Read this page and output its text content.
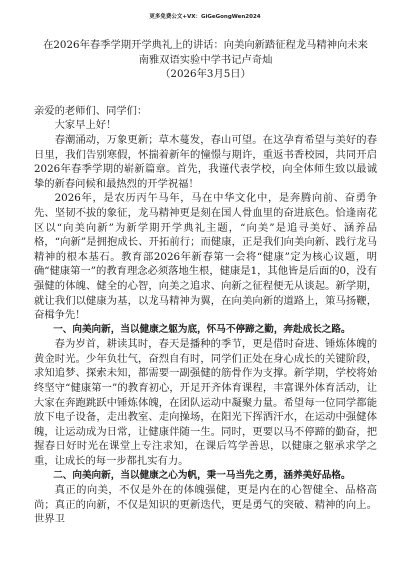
更多免费公文+VX：GiGeGongWen2024
在2026年春季学期开学典礼上的讲话：向美向新踏征程龙马精神向未来
南雅双语实验中学书记卢奇灿
（2026年3月5日）

亲爱的老师们、同学们：

大家早上好！

春潮涌动，万象更新；草木蔓发，春山可望。在这孕育希望与美好的春日里，我们告别寒假，怀揣着新年的憧憬与期许，重返书香校园，共同开启2026年春季学期的崭新篇章。首先，我谨代表学校，向全体师生致以最诚挚的新春问候和最热烈的开学祝福！

2026年，是农历丙午马年，马在中华文化中，是奔腾向前、奋勇争先、坚韧不拔的象征，龙马精神更是刻在国人骨血里的奋进底色。恰逢南花区以“向美向新”为新学期开学典礼主题，“向美”是追寻美好、涵养品格，“向新”是拥抱成长、开拓前行；而健康，正是我们向美向新、践行龙马精神的根本基石。教育部2026年新春第一会将“健康”定为核心议题，明确“健康第一”的教育理念必须落地生根，健康是1，其他皆是后面的0，没有强健的体魄、健全的心智，向美之追求、向新之征程便无从谈起。新学期，就让我们以健康为基，以龙马精神为翼，在向美向新的道路上，策马扬鞭，奋楫争先！

一、向美向新，当以健康之躯为底，怀马不停蹄之勤，奔赴成长之路。

春为岁首，耕读其时，春天是播种的季节，更是借时奋进、锤炼体魄的黄金时光。少年负壮气，奋烈自有时，同学们正处在身心成长的关键阶段，求知追梦、探索未知，都需要一副强健的筋骨作为支撑。新学期，学校将始终坚守“健康第一”的教育初心，开足开齐体育课程，丰富课外体育活动，让大家在奔跑跳跃中锤炼体魄，在团队运动中凝聚力量。希望每一位同学都能放下电子设备，走出教室、走向操场，在阳光下挥洒汗水，在运动中强健体魄，让运动成为日常，让健康伴随一生。同时，更要以马不停蹄的勤奋，把握春日好时光在课堂上专注求知，在课后笃学善思，以健康之躯承求学之重，让成长的每一步都扎实有力。

二、向美向新，当以健康之心为帆，秉一马当先之勇，涵养美好品格。

真正的向美，不仅是外在的体魄强健，更是内在的心智健全、品格高尚；真正的向新，不仅是知识的更新迭代，更是勇气的突破、精神的向上。世界卫
